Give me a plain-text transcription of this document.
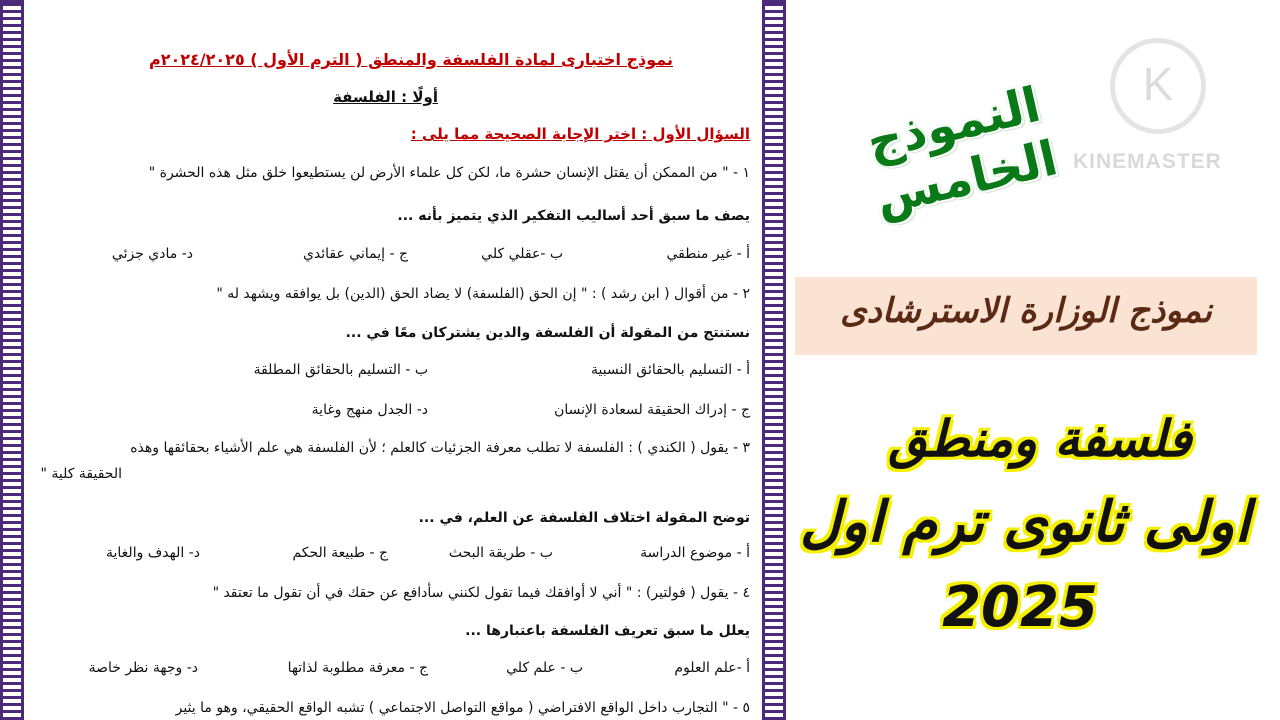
نموذج اختبارى لمادة الفلسفة والمنطق ( الترم الأول ) ٢٠٢٤/٢٠٢٥م
أولًا : الفلسفة
السؤال الأول : اختر الإجابة الصحيحة مما يلى :
١ - " من الممكن أن يقتل الإنسان حشرة ما، لكن كل علماء الأرض لن يستطيعوا خلق مثل هذه الحشرة "
يصف ما سبق أحد أساليب التفكير الذي يتميز بأنه ...
أ - غير منطقي
ب -عقلي كلي
ج - إيماني عقائدي
د- مادي جزئي
٢ - من أقوال ( ابن رشد ) : " إن الحق (الفلسفة) لا يضاد الحق (الدين) بل يوافقه ويشهد له "
نستنتج من المقولة أن الفلسفة والدين يشتركان معًا في ...
أ - التسليم بالحقائق النسبية
ب - التسليم بالحقائق المطلقة
ج - إدراك الحقيقة لسعادة الإنسان
د- الجدل منهج وغاية
٣ - يقول ( الكندي ) : الفلسفة لا تطلب معرفة الجزئيات كالعلم ؛ لأن الفلسفة هي علم الأشياء بحقائقها وهذه
الحقيقة كلية "
توضح المقولة اختلاف الفلسفة عن العلم، في ...
أ - موضوع الدراسة
ب - طريقة البحث
ج - طبيعة الحكم
د- الهدف والغاية
٤ - يقول ( فولتير) : " أني لا أوافقك فيما تقول لكنني سأدافع عن حقك في أن تقول ما تعتقد "
يعلل ما سبق تعريف الفلسفة باعتبارها ...
أ -علم العلوم
ب - علم كلي
ج - معرفة مطلوبة لذاتها
د- وجهة نظر خاصة
٥ - " التجارب داخل الواقع الافتراضي ( مواقع التواصل الاجتماعي ) تشبه الواقع الحقيقي، وهو ما يثير
النموذج الخامس
K
KINEMASTER
نموذج الوزارة الاسترشادى
فلسفة ومنطق
اولى ثانوى ترم اول
2025
